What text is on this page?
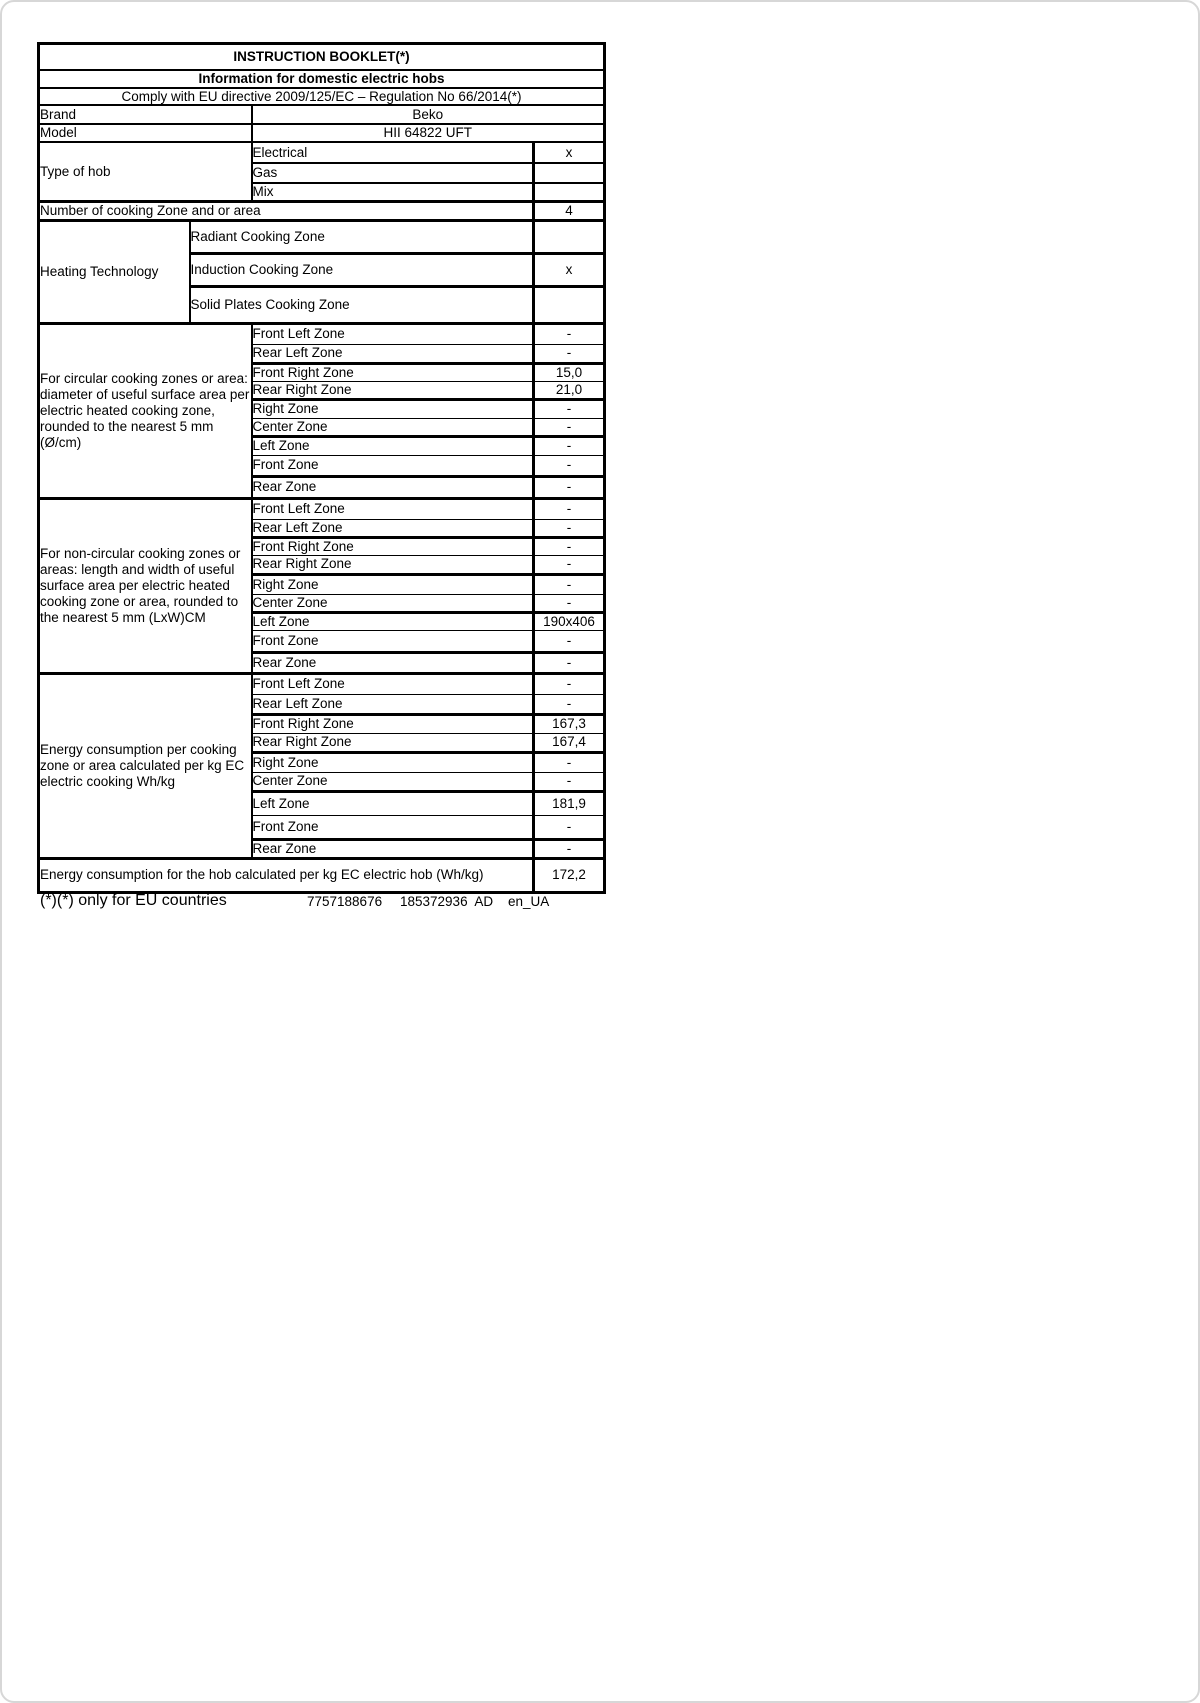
INSTRUCTION BOOKLET(*)			
Information for domestic electric hobs			
Comply with EU directive 2009/125/EC – Regulation No 66/2014(*)			
Brand		Beko	
Model		HII 64822 UFT	
Type of hob		Electrical	x
		Gas	
		Mix	
Number of cooking Zone and or area			4
Heating Technology	Radiant Cooking Zone		
	Induction Cooking Zone		x
	Solid Plates Cooking Zone		
For circular cooking zones or area: diameter of useful surface area per electric heated cooking zone, rounded to the nearest 5 mm (Ø/cm)		Front Left Zone	-
		Rear Left Zone	-
		Front Right Zone	15,0
		Rear Right Zone	21,0
		Right Zone	-
		Center Zone	-
		Left Zone	-
		Front Zone	-
		Rear Zone	-
For non-circular cooking zones or areas: length and width of useful surface area per electric heated cooking zone or area, rounded to the nearest 5 mm (LxW)CM		Front Left Zone	-
		Rear Left Zone	-
		Front Right Zone	-
		Rear Right Zone	-
		Right Zone	-
		Center Zone	-
		Left Zone	190x406
		Front Zone	-
		Rear Zone	-
Energy consumption per cooking zone or area calculated per kg EC electric cooking Wh/kg		Front Left Zone	-
		Rear Left Zone	-
		Front Right Zone	167,3
		Rear Right Zone	167,4
		Right Zone	-
		Center Zone	-
		Left Zone	181,9
		Front Zone	-
		Rear Zone	-
Energy consumption for the hob calculated per kg EC electric hob (Wh/kg)			172,2
(*)(*) only for EU countries	7757188676 185372936  AD en_UA
